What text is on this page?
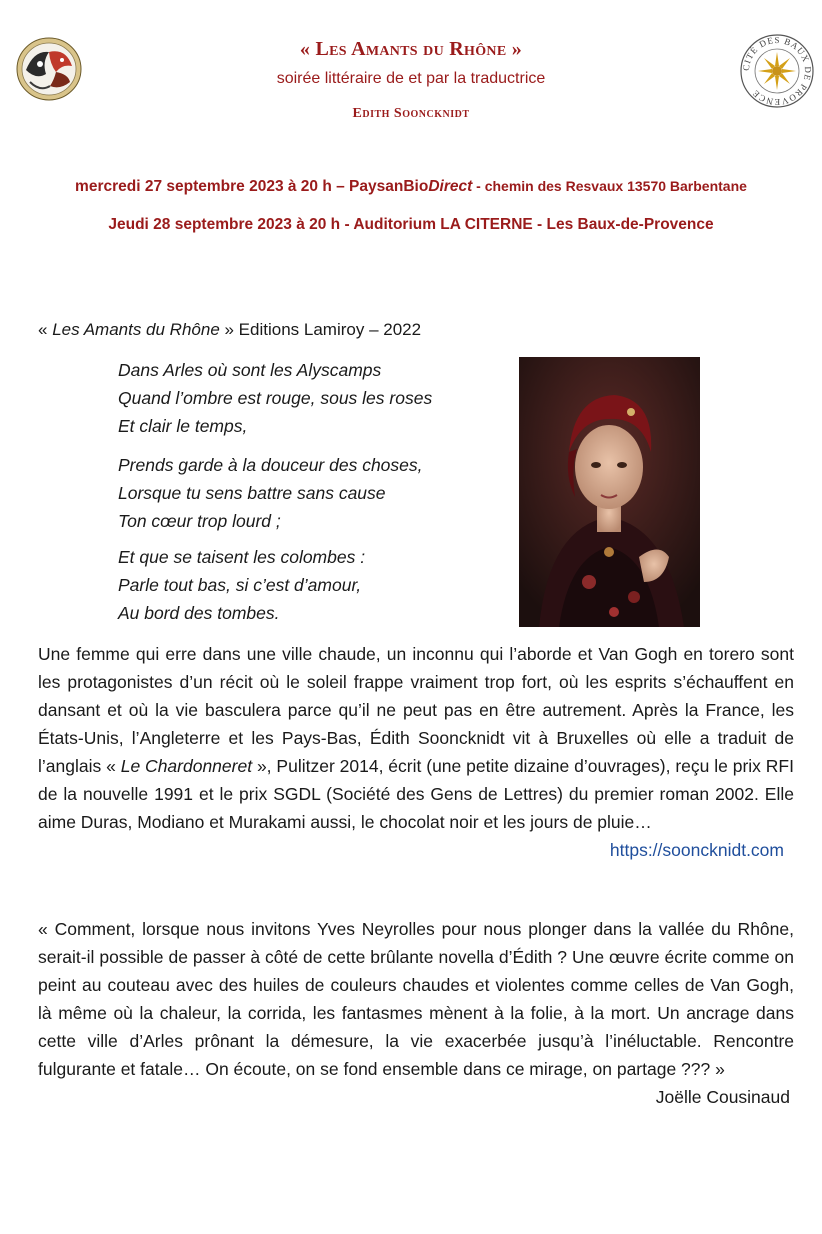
CITÉ DES BAUX DE PROVENCE
« Les Amants du Rhône »
soirée littéraire de et par la traductrice
Edith Sooncknidt
mercredi 27 septembre 2023 à 20 h – PaysanBioDirect - chemin des Resvaux 13570 Barbentane
Jeudi 28 septembre 2023 à 20 h - Auditorium LA CITERNE - Les Baux-de-Provence
« Les Amants du Rhône » Editions Lamiroy – 2022
Dans Arles où sont les Alyscamps
Quand l’ombre est rouge, sous les roses
Et clair le temps,
Prends garde à la douceur des choses,
Lorsque tu sens battre sans cause
Ton cœur trop lourd ;
Et que se taisent les colombes :
Parle tout bas, si c’est d’amour,
Au bord des tombes.
Une femme qui erre dans une ville chaude, un inconnu qui l’aborde et Van Gogh en torero sont les protagonistes d’un récit où le soleil frappe vraiment trop fort, où les esprits s’échauffent en dansant et où la vie basculera parce qu’il ne peut pas en être autrement. Après la France, les États-Unis, l’Angleterre et les Pays-Bas, Édith Sooncknidt vit à Bruxelles où elle a traduit de l’anglais « Le Chardonneret », Pulitzer 2014, écrit (une petite dizaine d’ouvrages), reçu le prix RFI de la nouvelle 1991 et le prix SGDL (Société des Gens de Lettres) du premier roman 2002. Elle aime Duras, Modiano et Murakami aussi, le chocolat noir et les jours de pluie…
https://sooncknidt.com
« Comment, lorsque nous invitons Yves Neyrolles pour nous plonger dans la vallée du Rhône, serait-il possible de passer à côté de cette brûlante novella d’Édith ? Une œuvre écrite comme on peint au couteau avec des huiles de couleurs chaudes et violentes comme celles de Van Gogh, là même où la chaleur, la corrida, les fantasmes mènent à la folie, à la mort. Un ancrage dans cette ville d’Arles prônant la démesure, la vie exacerbée jusqu’à l’inéluctable. Rencontre fulgurante et fatale… On écoute, on se fond ensemble dans ce mirage, on partage ??? »
Joëlle Cousinaud
